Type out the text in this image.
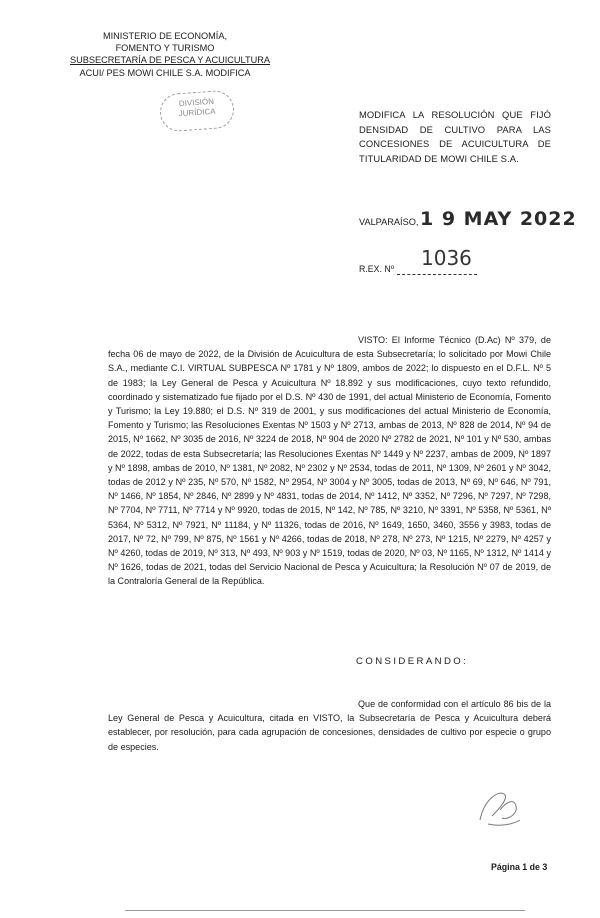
MINISTERIO DE ECONOMÍA,
FOMENTO Y TURISMO
SUBSECRETARÍA DE PESCA Y ACUICULTURA
ACUI/ PES MOWI CHILE S.A. MODIFICA
DIVISIÓN
JURÍDICA	MODIFICA LA RESOLUCIÓN QUE FIJÓ DENSIDAD DE CULTIVO PARA LAS CONCESIONES DE ACUICULTURA DE TITULARIDAD DE MOWI CHILE S.A.
VALPARAÍSO, 1 9 MAY 2022
R.EX. Nº 1036
VISTO: El Informe Técnico (D.Ac) Nº 379, de fecha 06 de mayo de 2022, de la División de Acuicultura de esta Subsecretaría; lo solicitado por Mowi Chile S.A., mediante C.I. VIRTUAL SUBPESCA Nº 1781 y Nº 1809, ambos de 2022; lo dispuesto en el D.F.L. Nº 5 de 1983; la Ley General de Pesca y Acuicultura Nº 18.892 y sus modificaciones, cuyo texto refundido, coordinado y sistematizado fue fijado por el D.S. Nº 430 de 1991, del actual Ministerio de Economía, Fomento y Turismo; la Ley 19.880; el D.S. Nº 319 de 2001, y sus modificaciones del actual Ministerio de Economía, Fomento y Turismo; las Resoluciones Exentas Nº 1503 y Nº 2713, ambas de 2013, Nº 828 de 2014, Nº 94 de 2015, Nº 1662, Nº 3035 de 2016, Nº 3224 de 2018, Nº 904 de 2020 Nº 2782 de 2021, Nº 101 y Nº 530, ambas de 2022, todas de esta Subsecretaría; las Resoluciones Exentas Nº 1449 y Nº 2237, ambas de 2009, Nº 1897 y Nº 1898, ambas de 2010, Nº 1381, Nº 2082, Nº 2302 y Nº 2534, todas de 2011, Nº 1309, Nº 2601 y Nº 3042, todas de 2012 y Nº 235, Nº 570, Nº 1582, Nº 2954, Nº 3004 y Nº 3005, todas de 2013, Nº 69, Nº 646, Nº 791, Nº 1466, Nº 1854, Nº 2846, Nº 2899 y Nº 4831, todas de 2014, Nº 1412, Nº 3352, Nº 7296, Nº 7297, Nº 7298, Nº 7704, Nº 7711, Nº 7714 y Nº 9920, todas de 2015, Nº 142, Nº 785, Nº 3210, Nº 3391, Nº 5358, Nº 5361, Nº 5364, Nº 5312, Nº 7921, Nº 11184, y Nº 11326, todas de 2016, Nº 1649, 1650, 3460, 3556 y 3983, todas de 2017, Nº 72, Nº 799, Nº 875, Nº 1561 y Nº 4266, todas de 2018, Nº 278, Nº 273, Nº 1215, Nº 2279, Nº 4257 y Nº 4260, todas de 2019, Nº 313, Nº 493, Nº 903 y Nº 1519, todas de 2020, Nº 03, Nº 1165, Nº 1312, Nº 1414 y Nº 1626, todas de 2021, todas del Servicio Nacional de Pesca y Acuicultura; la Resolución Nº 07 de 2019, de la Contraloría General de la República.
CONSIDERANDO:
Que de conformidad con el artículo 86 bis de la Ley General de Pesca y Acuicultura, citada en VISTO, la Subsecretaría de Pesca y Acuicultura deberá establecer, por resolución, para cada agrupación de concesiones, densidades de cultivo por especie o grupo de especies.
Página 1 de 3
